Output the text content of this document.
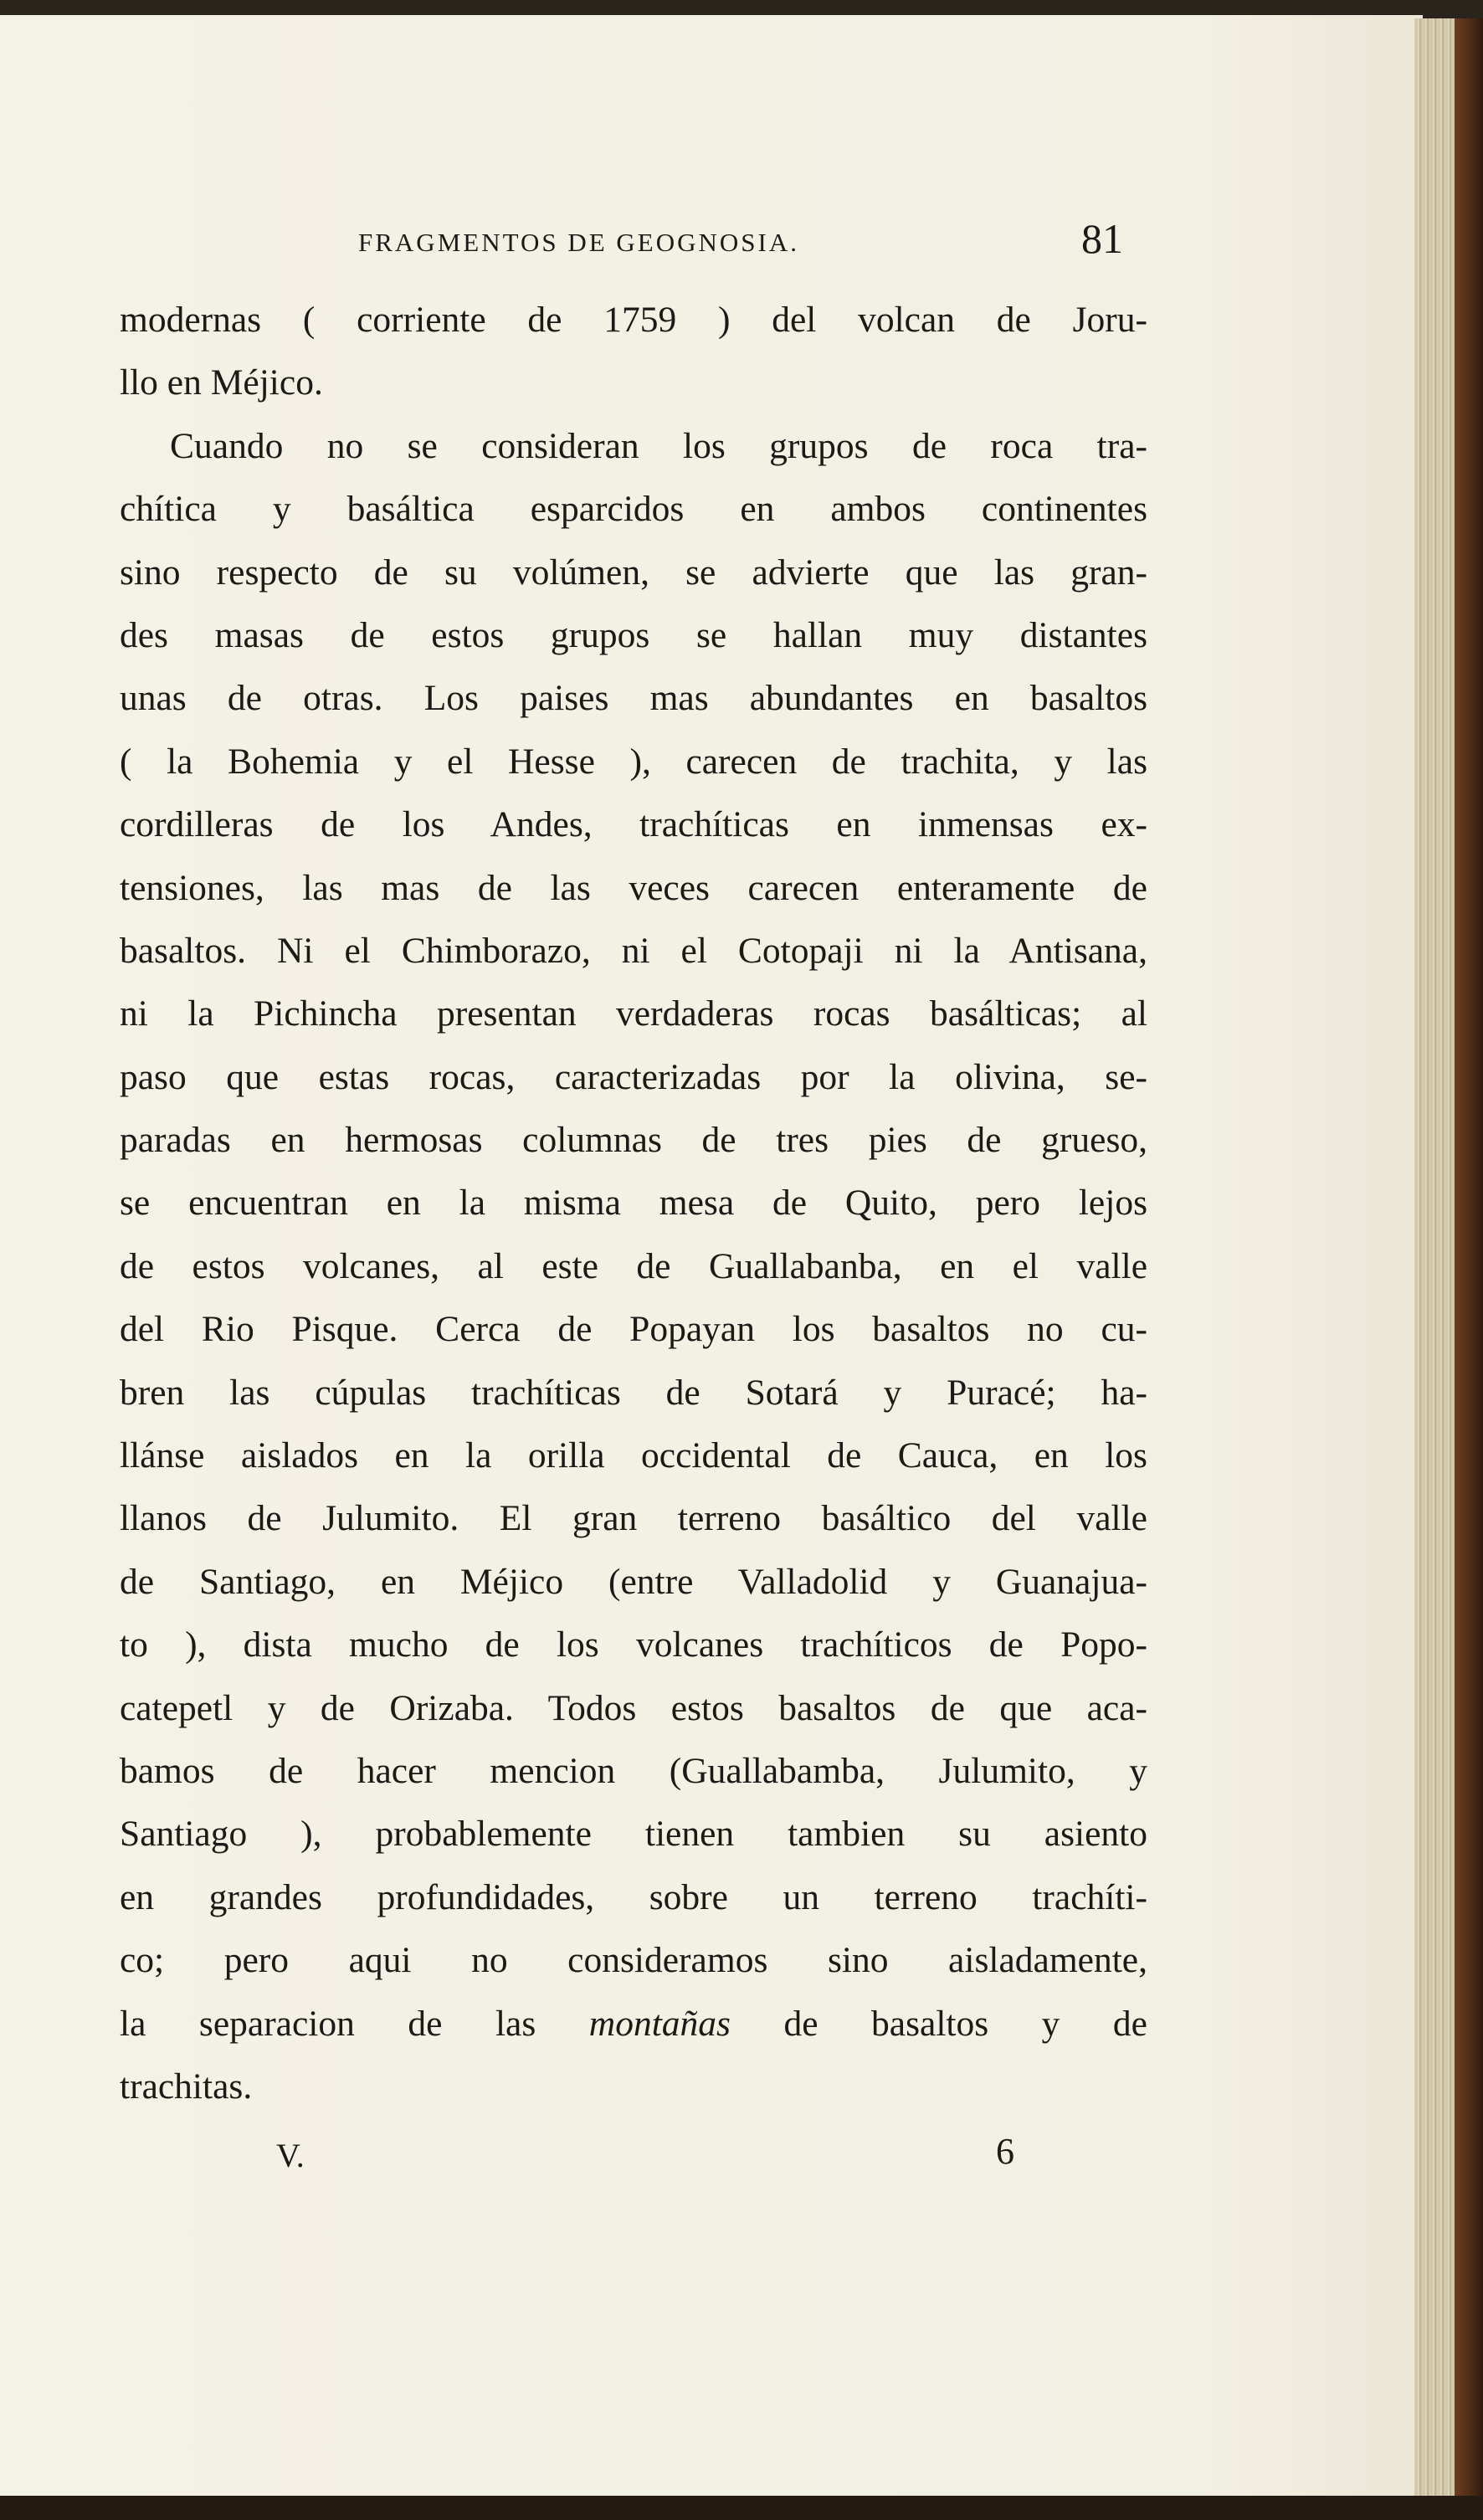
FRAGMENTOS DE GEOGNOSIA.	81
modernas ( corriente de 1759 ) del volcan de Joru-
llo en Méjico.
Cuando no se consideran los grupos de roca tra-
chítica y basáltica esparcidos en ambos continentes
sino respecto de su volúmen, se advierte que las gran-
des masas de estos grupos se hallan muy distantes
unas de otras. Los paises mas abundantes en basaltos
( la Bohemia y el Hesse ), carecen de trachita, y las
cordilleras de los Andes, trachíticas en inmensas ex-
tensiones, las mas de las veces carecen enteramente de
basaltos. Ni el Chimborazo, ni el Cotopaji ni la Antisana,
ni la Pichincha presentan verdaderas rocas basálticas; al
paso que estas rocas, caracterizadas por la olivina, se-
paradas en hermosas columnas de tres pies de grueso,
se encuentran en la misma mesa de Quito, pero lejos
de estos volcanes, al este de Guallabanba, en el valle
del Rio Pisque. Cerca de Popayan los basaltos no cu-
bren las cúpulas trachíticas de Sotará y Puracé; ha-
llánse aislados en la orilla occidental de Cauca, en los
llanos de Julumito. El gran terreno basáltico del valle
de Santiago, en Méjico (entre Valladolid y Guanajua-
to ), dista mucho de los volcanes trachíticos de Popo-
catepetl y de Orizaba. Todos estos basaltos de que aca-
bamos de hacer mencion (Guallabamba, Julumito, y
Santiago ), probablemente tienen tambien su asiento
en grandes profundidades, sobre un terreno trachíti-
co; pero aqui no consideramos sino aisladamente,
la separacion de las montañas de basaltos y de
trachitas.
V.	6
